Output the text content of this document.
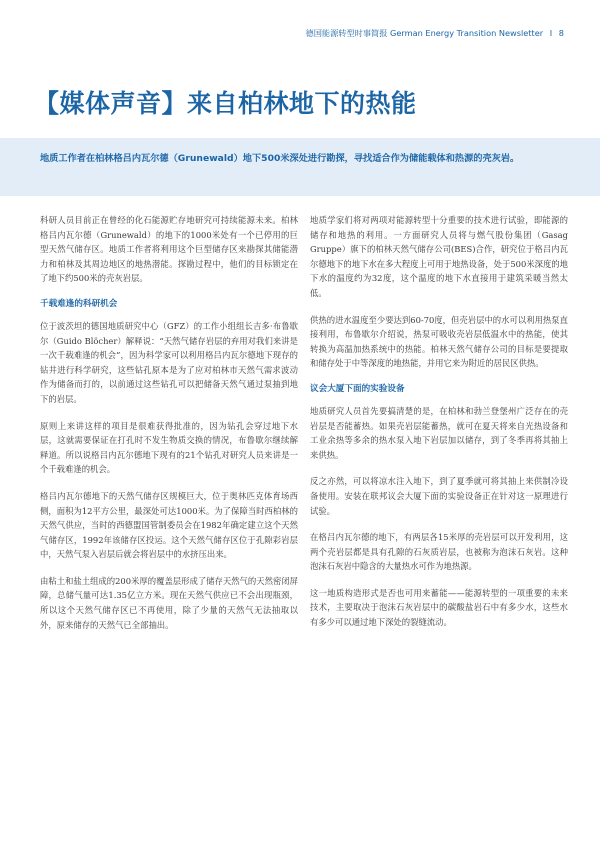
德国能源转型时事简报 German Energy Transition Newsletter I 8
【媒体声音】来自柏林地下的热能
地质工作者在柏林格吕内瓦尔德（Grunewald）地下500米深处进行勘探，寻找适合作为储能载体和热源的壳灰岩。

科研人员目前正在曾经的化石能源贮存地研究可持续能源未来。柏林格吕内瓦尔德（Grunewald）的地下的1000米处有一个已停用的巨型天然气储存区。地质工作者将利用这个巨型储存区来勘探其储能潜力和柏林及其周边地区的地热潜能。探勘过程中，他们的目标锁定在了地下约500米的壳灰岩层。

千载难逢的科研机会

位于波茨坦的德国地质研究中心（GFZ）的工作小组组长吉多·布鲁歇尔（Guido Blöcher）解释说：“天然气储存岩层的弃用对我们来讲是一次千载难逢的机会”，因为科学家可以利用格吕内瓦尔德地下现存的钻井进行科学研究，这些钻孔原本是为了应对柏林市天然气需求波动作为储备而打的，以前通过这些钻孔可以把储备天然气通过泵抽到地下的岩层。

原则上来讲这样的项目是很难获得批准的，因为钻孔会穿过地下水层，这就需要保证在打孔时不发生物质交换的情况，布鲁歇尔继续解释道。所以说格吕内瓦尔德地下现有的21个钻孔对研究人员来讲是一个千载难逢的机会。

格吕内瓦尔德地下的天然气储存区规模巨大，位于奥林匹克体育场西侧，面积为12平方公里，最深处可达1000米。为了保障当时西柏林的天然气供应，当时的西德盟国管制委员会在1982年确定建立这个天然气储存区，1992年该储存区投运。这个天然气储存区位于孔隙彩岩层中，天然气泵入岩层后就会将岩层中的水挤压出来。

由粘土和盐土组成的200米厚的覆盖层形成了储存天然气的天然密闭屏障，总储气量可达1.35亿立方米。现在天然气供应已不会出现瓶颈，所以这个天然气储存区已不再使用，除了少量的天然气无法抽取以外，原来储存的天然气已全部抽出。

地质学家们将对两项对能源转型十分重要的技术进行试验，即能源的储存和地热的利用。一方面研究人员将与燃气股份集团（Gasag　Gruppe）旗下的柏林天然气储存公司(BES)合作，研究位于格吕内瓦尔德地下的地下水在多大程度上可用于地热设备，处于500米深度的地下水的温度约为32度，这个温度的地下水直接用于建筑采暖当然太低。

供热的进水温度至少要达到60-70度，但壳岩层中的水可以利用热泵直接利用，布鲁歇尔介绍说，热泵可吸收壳岩层低温水中的热能，使其转换为高温加热系统中的热能。柏林天然气储存公司的目标是要提取和储存处于中等深度的地热能，并用它来为附近的居民区供热。

议会大厦下面的实验设备

地质研究人员首先要搞清楚的是，在柏林和勃兰登堡州广泛存在的壳岩层是否能蓄热。如果壳岩层能蓄热，就可在夏天将来自光热设备和工业余热等多余的热水泵入地下岩层加以储存，到了冬季再将其抽上来供热。

反之亦然，可以将凉水注入地下，到了夏季就可将其抽上来供制冷设备使用。安装在联邦议会大厦下面的实验设备正在针对这一原理进行试验。

在格吕内瓦尔德的地下，有两层各15米厚的壳岩层可以开发利用，这两个壳岩层都是具有孔隙的石灰质岩层，也被称为泡沫石灰岩。这种泡沫石灰岩中隐含的大量热水可作为地热源。

这一地质构造形式是否也可用来蓄能——能源转型的一项重要的未来技术，主要取决于泡沫石灰岩层中的碳酸盐岩石中有多少水，这些水有多少可以通过地下深处的裂缝流动。
